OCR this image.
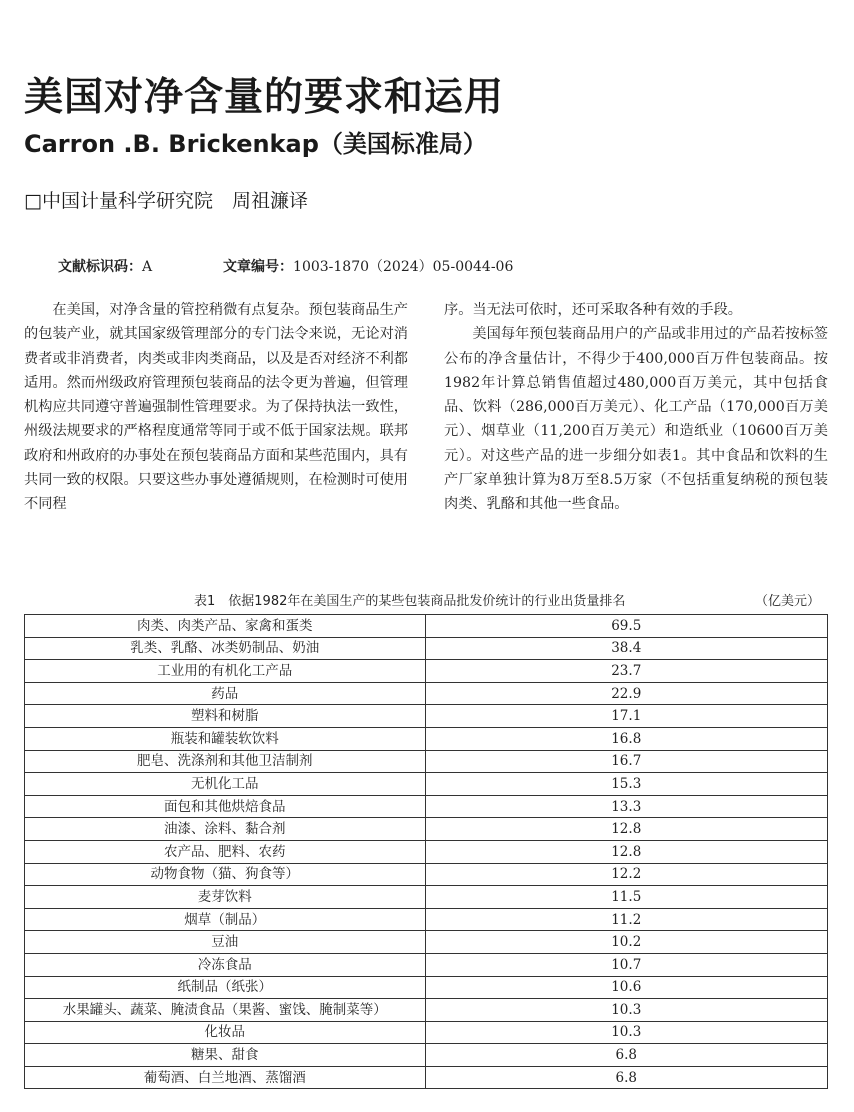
美国对净含量的要求和运用
Carron .B. Brickenkap（美国标准局）
□中国计量科学研究院　周祖濂译
文献标识码：A	文章编号：1003-1870（2024）05-0044-06

在美国，对净含量的管控稍微有点复杂。预包装商品生产的包装产业，就其国家级管理部分的专门法令来说，无论对消费者或非消费者，肉类或非肉类商品，以及是否对经济不利都适用。然而州级政府管理预包装商品的法令更为普遍，但管理机构应共同遵守普遍强制性管理要求。为了保持执法一致性，州级法规要求的严格程度通常等同于或不低于国家法规。联邦政府和州政府的办事处在预包装商品方面和某些范围内，具有共同一致的权限。只要这些办事处遵循规则，在检测时可使用不同程

序。当无法可依时，还可采取各种有效的手段。

美国每年预包装商品用户的产品或非用过的产品若按标签公布的净含量估计，不得少于400,000百万件包装商品。按1982年计算总销售值超过480,000百万美元，其中包括食品、饮料（286,000百万美元）、化工产品（170,000百万美元）、烟草业（11,200百万美元）和造纸业（10600百万美元）。对这些产品的进一步细分如表1。其中食品和饮料的生产厂家单独计算为8万至8.5万家（不包括重复纳税的预包装肉类、乳酪和其他一些食品。

表1　依据1982年在美国生产的某些包装商品批发价统计的行业出货量排名	（亿美元）
肉类、肉类产品、家禽和蛋类	69.5
乳类、乳酪、冰类奶制品、奶油	38.4
工业用的有机化工产品	23.7
药品	22.9
塑料和树脂	17.1
瓶装和罐装软饮料	16.8
肥皂、洗涤剂和其他卫洁制剂	16.7
无机化工品	15.3
面包和其他烘焙食品	13.3
油漆、涂料、黏合剂	12.8
农产品、肥料、农药	12.8
动物食物（猫、狗食等）	12.2
麦芽饮料	11.5
烟草（制品）	11.2
豆油	10.2
冷冻食品	10.7
纸制品（纸张）	10.6
水果罐头、蔬菜、腌渍食品（果酱、蜜饯、腌制菜等）	10.3
化妆品	10.3
糖果、甜食	6.8
葡萄酒、白兰地酒、蒸馏酒	6.8
